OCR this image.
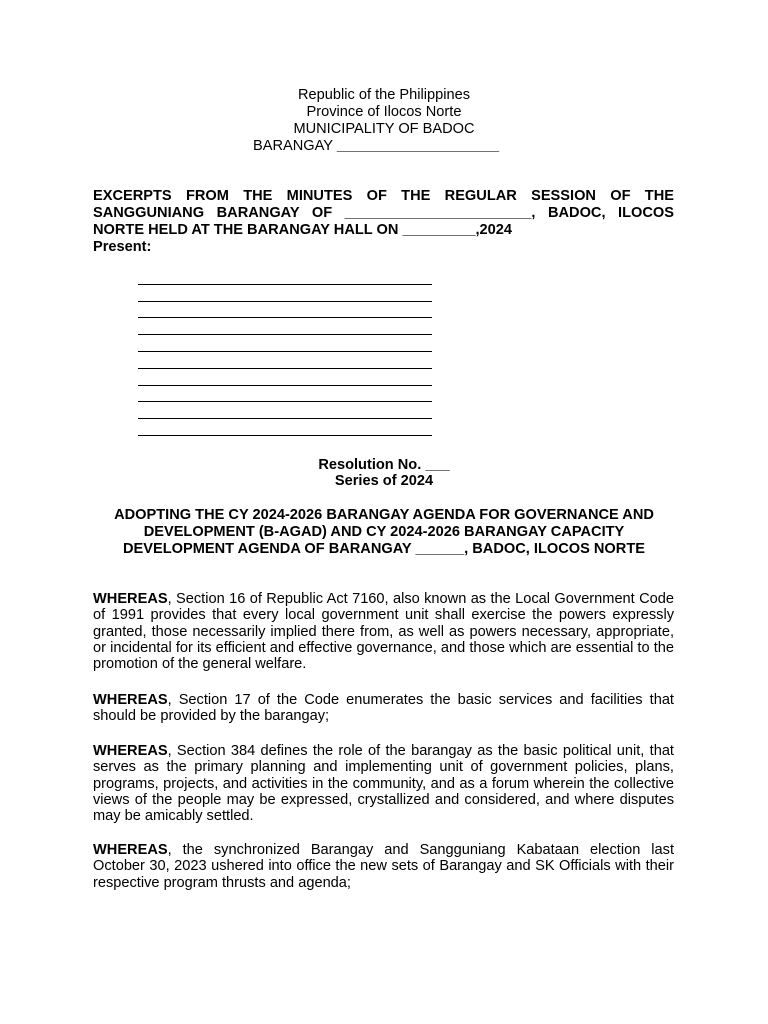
Republic of the Philippines
Province of Ilocos Norte
MUNICIPALITY OF BADOC
BARANGAY ____________________
EXCERPTS FROM THE MINUTES OF THE REGULAR SESSION OF THE
SANGGUNIANG BARANGAY OF _______________________, BADOC, ILOCOS
NORTE HELD AT THE BARANGAY HALL ON _________,2024
Present:
Resolution No. ___
Series of 2024
ADOPTING THE CY 2024-2026 BARANGAY AGENDA FOR GOVERNANCE AND
DEVELOPMENT (B-AGAD) AND CY 2024-2026 BARANGAY CAPACITY
DEVELOPMENT AGENDA OF BARANGAY ______, BADOC, ILOCOS NORTE
WHEREAS, Section 16 of Republic Act 7160, also known as the Local Government Code of 1991 provides that every local government unit shall exercise the powers expressly granted, those necessarily implied there from, as well as powers necessary, appropriate, or incidental for its efficient and effective governance, and those which are essential to the promotion of the general welfare.
WHEREAS, Section 17 of the Code enumerates the basic services and facilities that should be provided by the barangay;
WHEREAS, Section 384 defines the role of the barangay as the basic political unit, that serves as the primary planning and implementing unit of government policies, plans, programs, projects, and activities in the community, and as a forum wherein the collective views of the people may be expressed, crystallized and considered, and where disputes may be amicably settled.
WHEREAS, the synchronized Barangay and Sangguniang Kabataan election last October 30, 2023 ushered into office the new sets of Barangay and SK Officials with their respective program thrusts and agenda;
